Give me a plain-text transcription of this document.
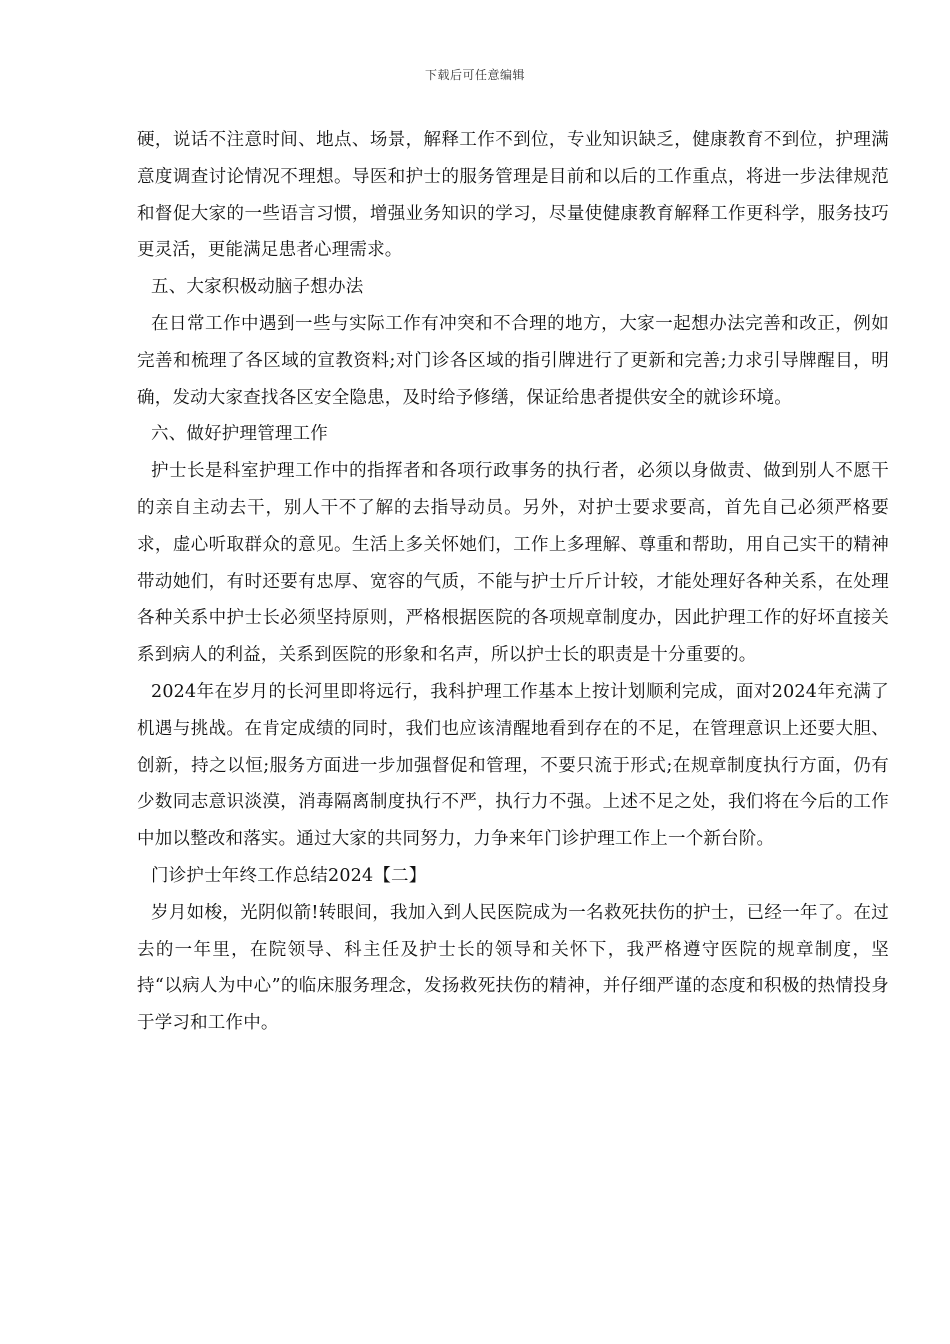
下载后可任意编辑

硬，说话不注意时间、地点、场景，解释工作不到位，专业知识缺乏，健康教育不到位，护理满意度调查讨论情况不理想。导医和护士的服务管理是目前和以后的工作重点，将进一步法律规范和督促大家的一些语言习惯，增强业务知识的学习，尽量使健康教育解释工作更科学，服务技巧更灵活，更能满足患者心理需求。

五、大家积极动脑子想办法

在日常工作中遇到一些与实际工作有冲突和不合理的地方，大家一起想办法完善和改正，例如完善和梳理了各区域的宣教资料;对门诊各区域的指引牌进行了更新和完善;力求引导牌醒目，明确，发动大家查找各区安全隐患，及时给予修缮，保证给患者提供安全的就诊环境。

六、做好护理管理工作

护士长是科室护理工作中的指挥者和各项行政事务的执行者，必须以身做责、做到别人不愿干的亲自主动去干，别人干不了解的去指导动员。另外，对护士要求要高，首先自己必须严格要求，虚心听取群众的意见。生活上多关怀她们，工作上多理解、尊重和帮助，用自己实干的精神带动她们，有时还要有忠厚、宽容的气质，不能与护士斤斤计较，才能处理好各种关系，在处理各种关系中护士长必须坚持原则，严格根据医院的各项规章制度办，因此护理工作的好坏直接关系到病人的利益，关系到医院的形象和名声，所以护士长的职责是十分重要的。

2024年在岁月的长河里即将远行，我科护理工作基本上按计划顺利完成，面对2024年充满了机遇与挑战。在肯定成绩的同时，我们也应该清醒地看到存在的不足，在管理意识上还要大胆、创新，持之以恒;服务方面进一步加强督促和管理，不要只流于形式;在规章制度执行方面，仍有少数同志意识淡漠，消毒隔离制度执行不严，执行力不强。上述不足之处，我们将在今后的工作中加以整改和落实。通过大家的共同努力，力争来年门诊护理工作上一个新台阶。

门诊护士年终工作总结2024【二】

岁月如梭，光阴似箭!转眼间，我加入到人民医院成为一名救死扶伤的护士，已经一年了。在过去的一年里，在院领导、科主任及护士长的领导和关怀下，我严格遵守医院的规章制度，坚持“以病人为中心”的临床服务理念，发扬救死扶伤的精神，并仔细严谨的态度和积极的热情投身于学习和工作中。
